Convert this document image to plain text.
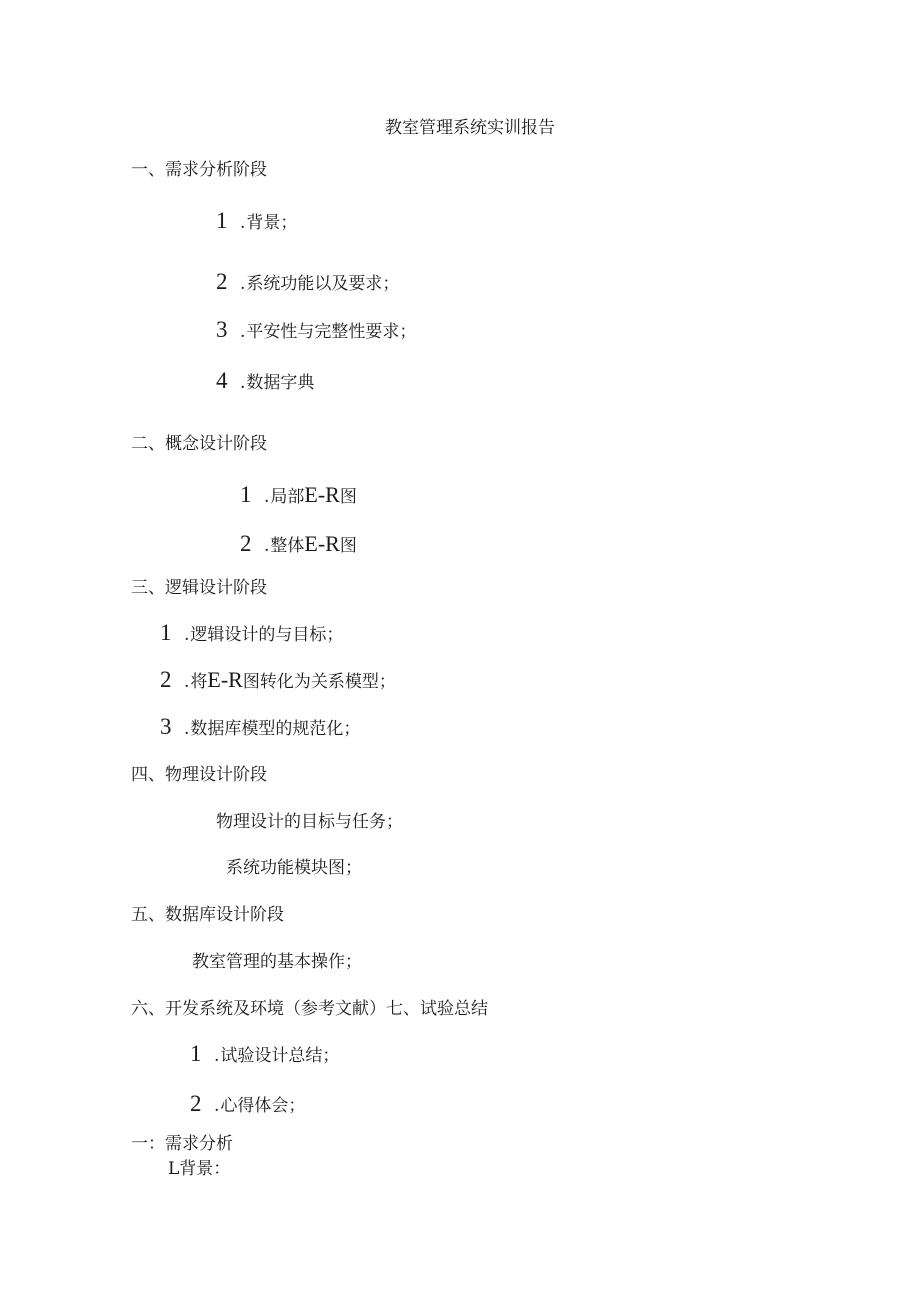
教室管理系统实训报告
一、需求分析阶段
1 .背景；
2 .系统功能以及要求；
3 .平安性与完整性要求；
4 .数据字典
二、概念设计阶段
1 .局部E-R图
2 .整体E-R图
三、逻辑设计阶段
1 .逻辑设计的与目标；
2 .将E-R图转化为关系模型；
3 .数据库模型的规范化；
四、物理设计阶段
物理设计的目标与任务；
系统功能模块图；
五、数据库设计阶段
教室管理的基本操作；
六、开发系统及环境（参考文献）七、试验总结
1 .试验设计总结；
2 .心得体会；
一：需求分析
L背景：
